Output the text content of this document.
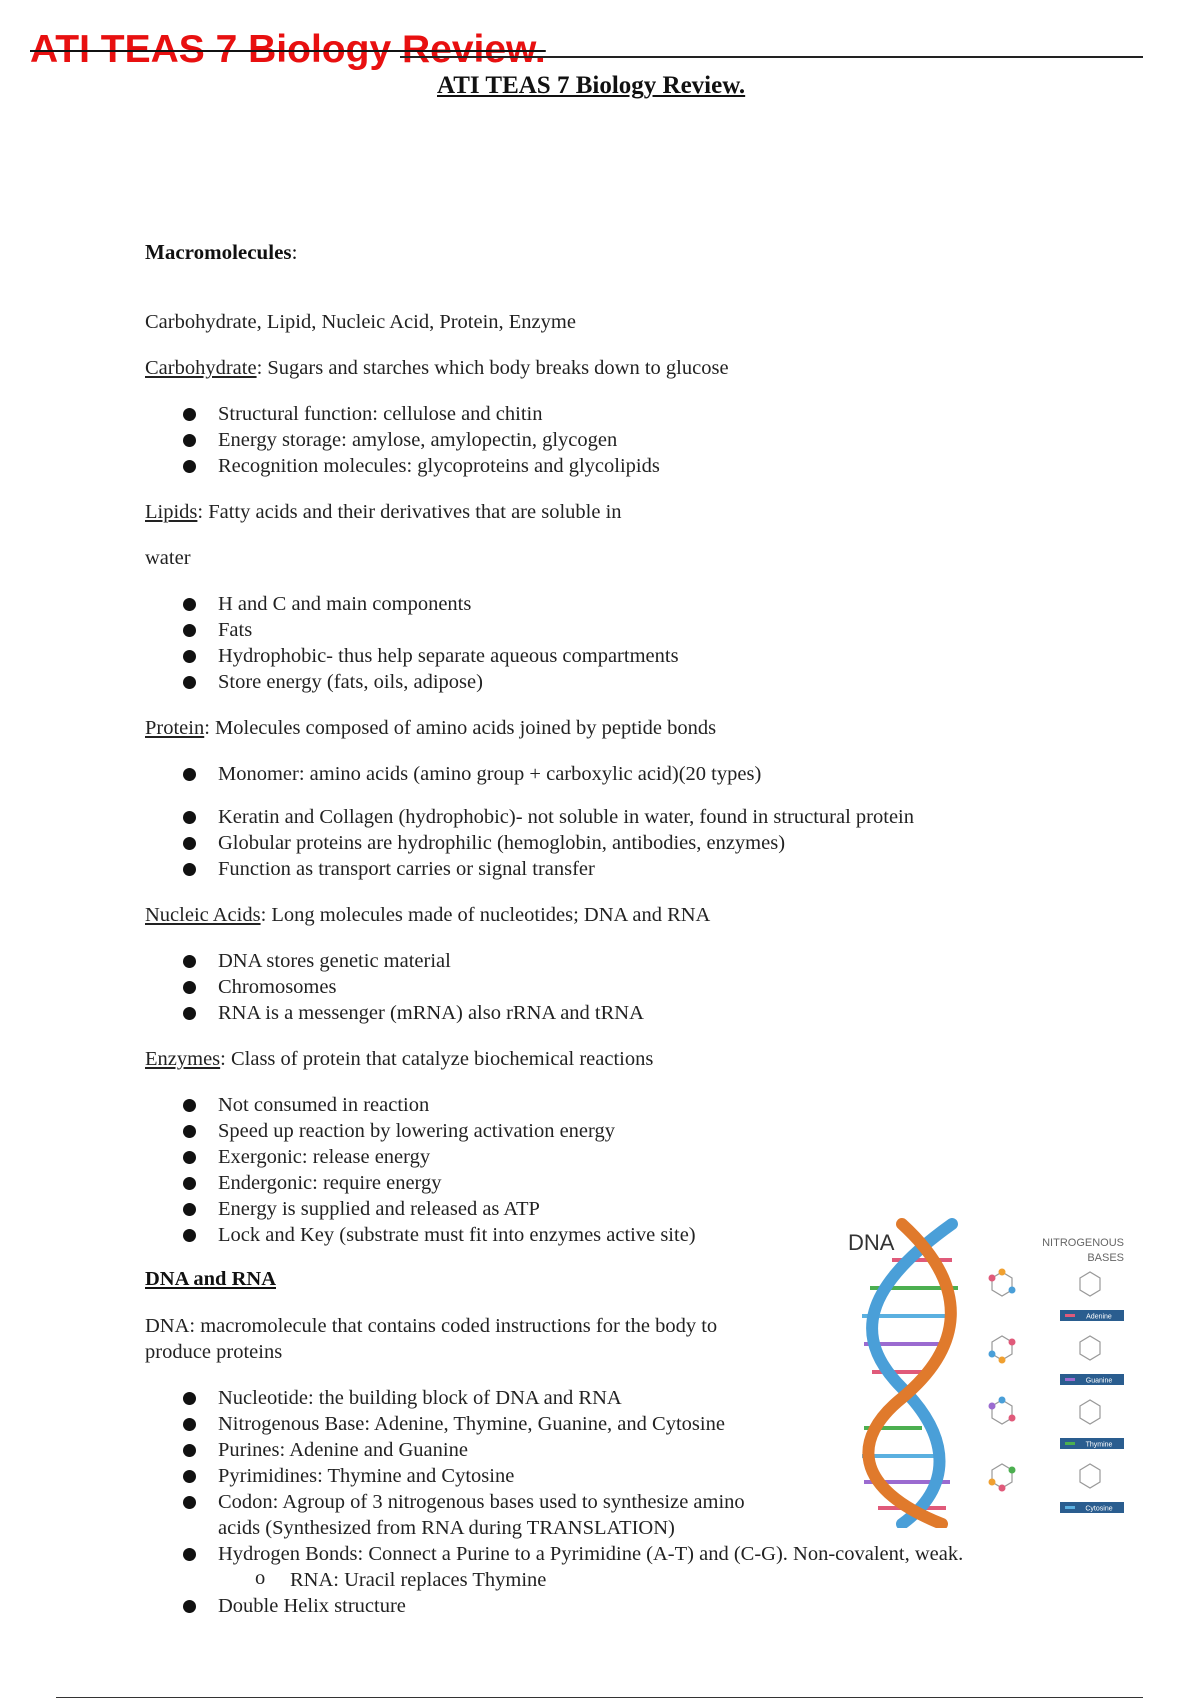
ATI TEAS 7 Biology Review.
ATI TEAS 7 Biology Review.
Macromolecules:

Carbohydrate, Lipid, Nucleic Acid, Protein, Enzyme

Carbohydrate: Sugars and starches which body breaks down to glucose

Structural function: cellulose and chitin
Energy storage: amylose, amylopectin, glycogen
Recognition molecules: glycoproteins and glycolipids

Lipids: Fatty acids and their derivatives that are soluble in

water

H and C and main components
Fats
Hydrophobic- thus help separate aqueous compartments
Store energy (fats, oils, adipose)

Protein: Molecules composed of amino acids joined by peptide bonds

Monomer: amino acids (amino group + carboxylic acid)(20 types)
Keratin and Collagen (hydrophobic)- not soluble in water, found in structural protein
Globular proteins are hydrophilic (hemoglobin, antibodies, enzymes)
Function as transport carries or signal transfer

Nucleic Acids: Long molecules made of nucleotides; DNA and RNA

DNA stores genetic material
Chromosomes
RNA is a messenger (mRNA) also rRNA and tRNA

Enzymes: Class of protein that catalyze biochemical reactions

Not consumed in reaction
Speed up reaction by lowering activation energy
Exergonic: release energy
Endergonic: require energy
Energy is supplied and released as ATP
Lock and Key (substrate must fit into enzymes active site)
DNA and RNA

DNA: macromolecule that contains coded instructions for the body to produce proteins

Nucleotide: the building block of DNA and RNA
Nitrogenous Base: Adenine, Thymine, Guanine, and Cytosine
Purines: Adenine and Guanine
Pyrimidines: Thymine and Cytosine
Codon: Agroup of 3 nitrogenous bases used to synthesize amino acids (Synthesized from RNA during TRANSLATION)
Hydrogen Bonds: Connect a Purine to a Pyrimidine (A-T) and (C-G). Non-covalent, weak.
o RNA: Uracil replaces Thymine
Double Helix structure
DNA	NITROGENOUS
BASES
Adenine
Guanine
Thymine
Cytosine
